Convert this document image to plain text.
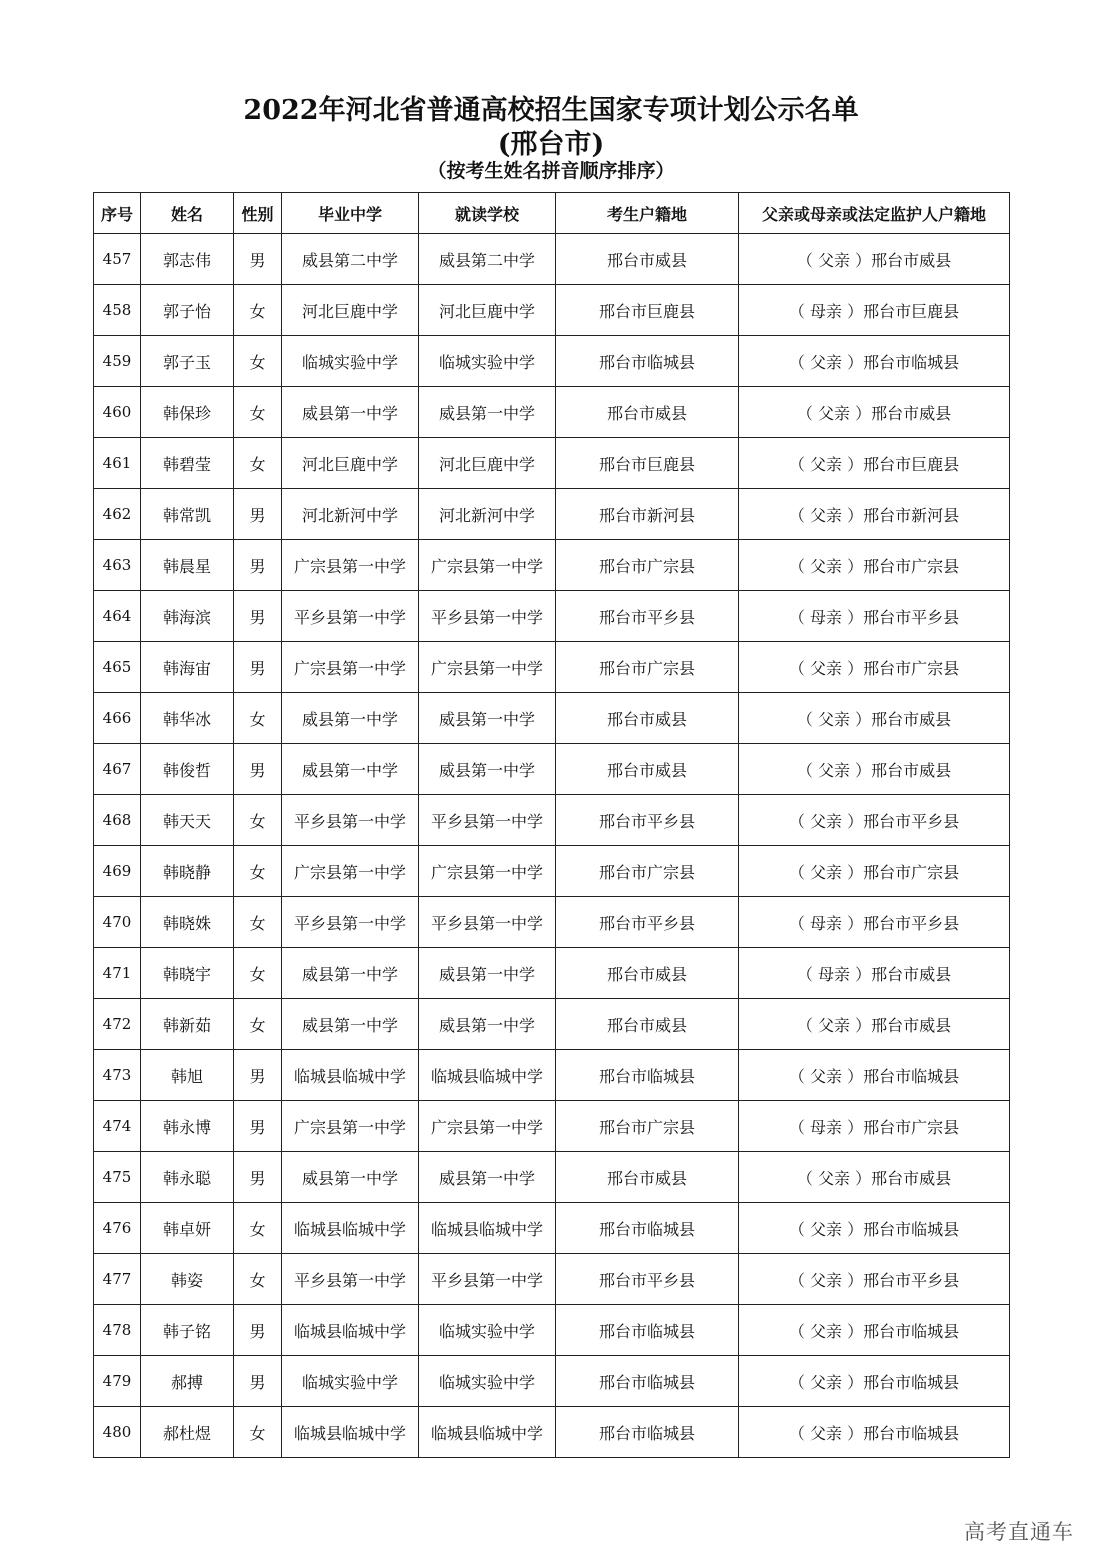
2022年河北省普通高校招生国家专项计划公示名单
(邢台市)
（按考生姓名拼音顺序排序）
序号	姓名	性别	毕业中学	就读学校	考生户籍地	父亲或母亲或法定监护人户籍地
457	郭志伟	男	威县第二中学	威县第二中学	邢台市威县	（ 父亲 ）邢台市威县
458	郭子怡	女	河北巨鹿中学	河北巨鹿中学	邢台市巨鹿县	（ 母亲 ）邢台市巨鹿县
459	郭子玉	女	临城实验中学	临城实验中学	邢台市临城县	（ 父亲 ）邢台市临城县
460	韩保珍	女	威县第一中学	威县第一中学	邢台市威县	（ 父亲 ）邢台市威县
461	韩碧莹	女	河北巨鹿中学	河北巨鹿中学	邢台市巨鹿县	（ 父亲 ）邢台市巨鹿县
462	韩常凯	男	河北新河中学	河北新河中学	邢台市新河县	（ 父亲 ）邢台市新河县
463	韩晨星	男	广宗县第一中学	广宗县第一中学	邢台市广宗县	（ 父亲 ）邢台市广宗县
464	韩海滨	男	平乡县第一中学	平乡县第一中学	邢台市平乡县	（ 母亲 ）邢台市平乡县
465	韩海宙	男	广宗县第一中学	广宗县第一中学	邢台市广宗县	（ 父亲 ）邢台市广宗县
466	韩华冰	女	威县第一中学	威县第一中学	邢台市威县	（ 父亲 ）邢台市威县
467	韩俊哲	男	威县第一中学	威县第一中学	邢台市威县	（ 父亲 ）邢台市威县
468	韩天天	女	平乡县第一中学	平乡县第一中学	邢台市平乡县	（ 父亲 ）邢台市平乡县
469	韩晓静	女	广宗县第一中学	广宗县第一中学	邢台市广宗县	（ 父亲 ）邢台市广宗县
470	韩晓姝	女	平乡县第一中学	平乡县第一中学	邢台市平乡县	（ 母亲 ）邢台市平乡县
471	韩晓宇	女	威县第一中学	威县第一中学	邢台市威县	（ 母亲 ）邢台市威县
472	韩新茹	女	威县第一中学	威县第一中学	邢台市威县	（ 父亲 ）邢台市威县
473	韩旭	男	临城县临城中学	临城县临城中学	邢台市临城县	（ 父亲 ）邢台市临城县
474	韩永博	男	广宗县第一中学	广宗县第一中学	邢台市广宗县	（ 母亲 ）邢台市广宗县
475	韩永聪	男	威县第一中学	威县第一中学	邢台市威县	（ 父亲 ）邢台市威县
476	韩卓妍	女	临城县临城中学	临城县临城中学	邢台市临城县	（ 父亲 ）邢台市临城县
477	韩姿	女	平乡县第一中学	平乡县第一中学	邢台市平乡县	（ 父亲 ）邢台市平乡县
478	韩子铭	男	临城县临城中学	临城实验中学	邢台市临城县	（ 父亲 ）邢台市临城县
479	郝搏	男	临城实验中学	临城实验中学	邢台市临城县	（ 父亲 ）邢台市临城县
480	郝杜煜	女	临城县临城中学	临城县临城中学	邢台市临城县	（ 父亲 ）邢台市临城县
高考直通车
